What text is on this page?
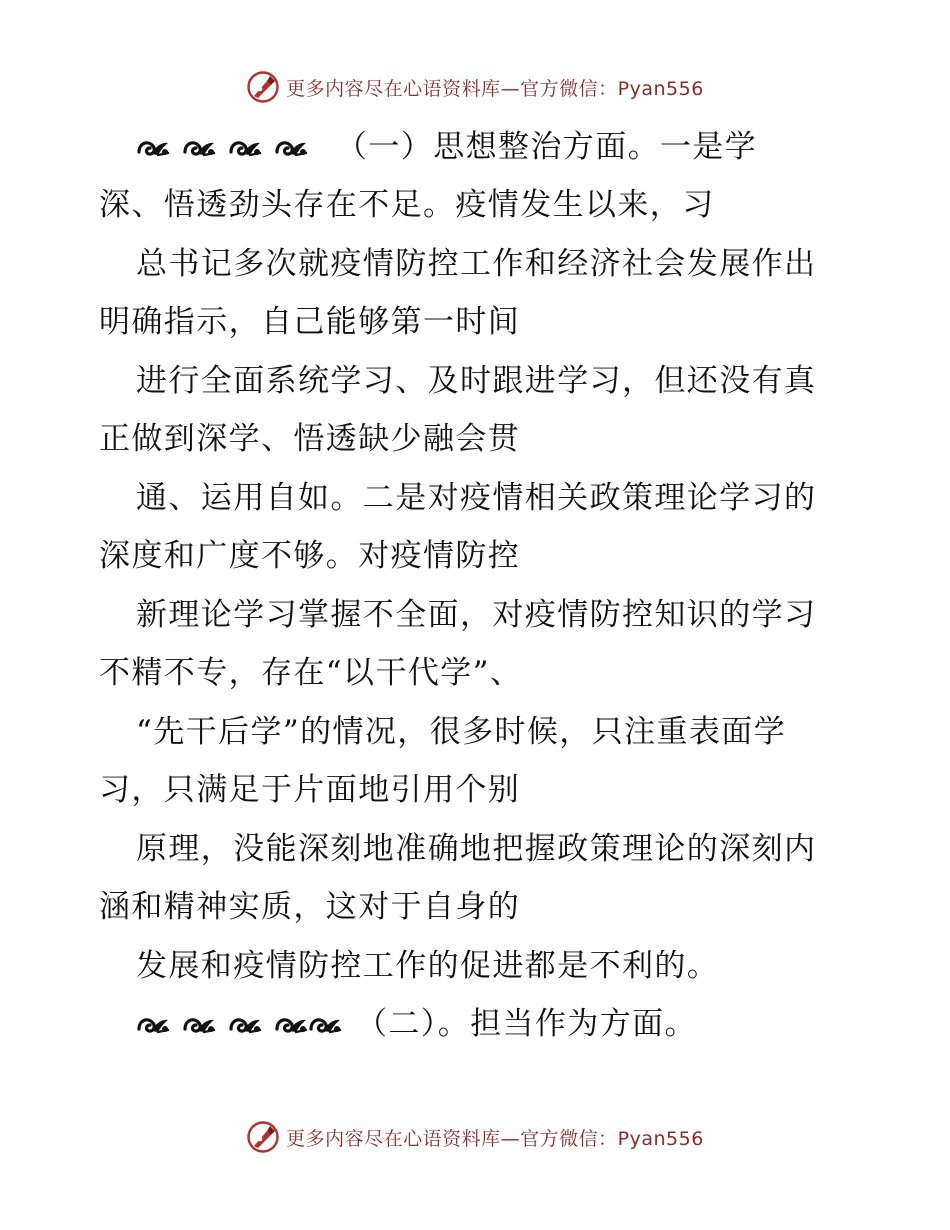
更多内容尽在心语资料库—官方微信：Pyan556
（一）思想整治方面。一是学
深、悟透劲头存在不足。疫情发生以来，习
总书记多次就疫情防控工作和经济社会发展作出
明确指示，自己能够第一时间
进行全面系统学习、及时跟进学习，但还没有真
正做到深学、悟透缺少融会贯
通、运用自如。二是对疫情相关政策理论学习的
深度和广度不够。对疫情防控
新理论学习掌握不全面，对疫情防控知识的学习
不精不专，存在“以干代学”、
“先干后学”的情况，很多时候，只注重表面学
习，只满足于片面地引用个别
原理，没能深刻地准确地把握政策理论的深刻内
涵和精神实质，这对于自身的
发展和疫情防控工作的促进都是不利的。
（二）。担当作为方面。
更多内容尽在心语资料库—官方微信：Pyan556
